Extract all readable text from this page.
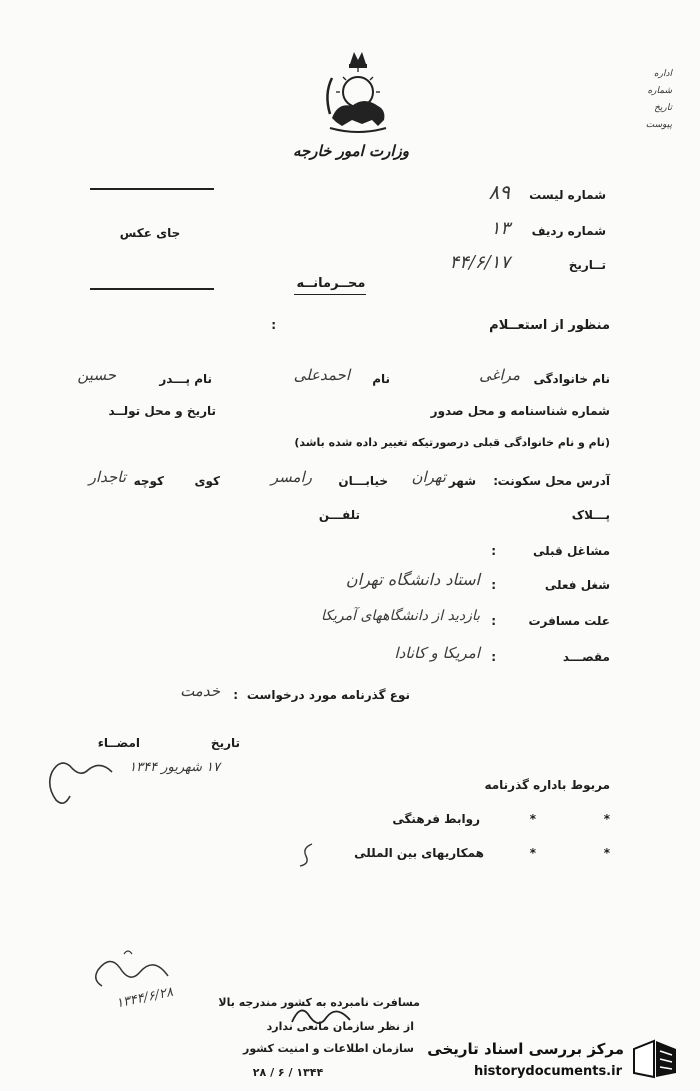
وزارت امور خارجه
اداره
شماره
تاریخ
پیوست
شماره لیست
۸۹
جای عکس	شماره ردیف
۱۳
تــاریخ
۴۴/۶/۱۷
محــرمانــه
منظور از استعــلام
:
نام خانوادگی
مراغی
نام
احمدعلی
نام پـــدر
حسین
شماره شناسنامه و محل صدور
تاریخ و محل تولــد
(نام و نام خانوادگی قبلی درصورتیکه تغییر داده شده باشد)
آدرس محل سکونت
:
شهر
تهران
خیابـــان
رامسر
کوی
کوچه
تاجدار
پـــلاک
تلفـــن
مشاغل قبلی
:
شغل فعلی
:
استاد دانشگاه تهران
علت مسافرت
:
بازدید از دانشگاههای آمریکا
مقصـــد
:
امریکا و کانادا
نوع گذرنامه مورد درخواست
:
خدمت
تاریخ
امضــاء
۱۷ شهریور ۱۳۴۴
مربوط باداره گذرنامه
*
*
روابط فرهنگی
*
*
همکاریهای بین المللی
مسافرت نامبرده به کشور مندرجه بالا
از نظر سازمان مانعی ندارد
سازمان اطلاعات و امنیت کشور
۱۳۴۴ / ۶ / ۲۸
۱۳۴۴/۶/۲۸
مرکز بررسی اسناد تاریخی
historydocuments.ir
